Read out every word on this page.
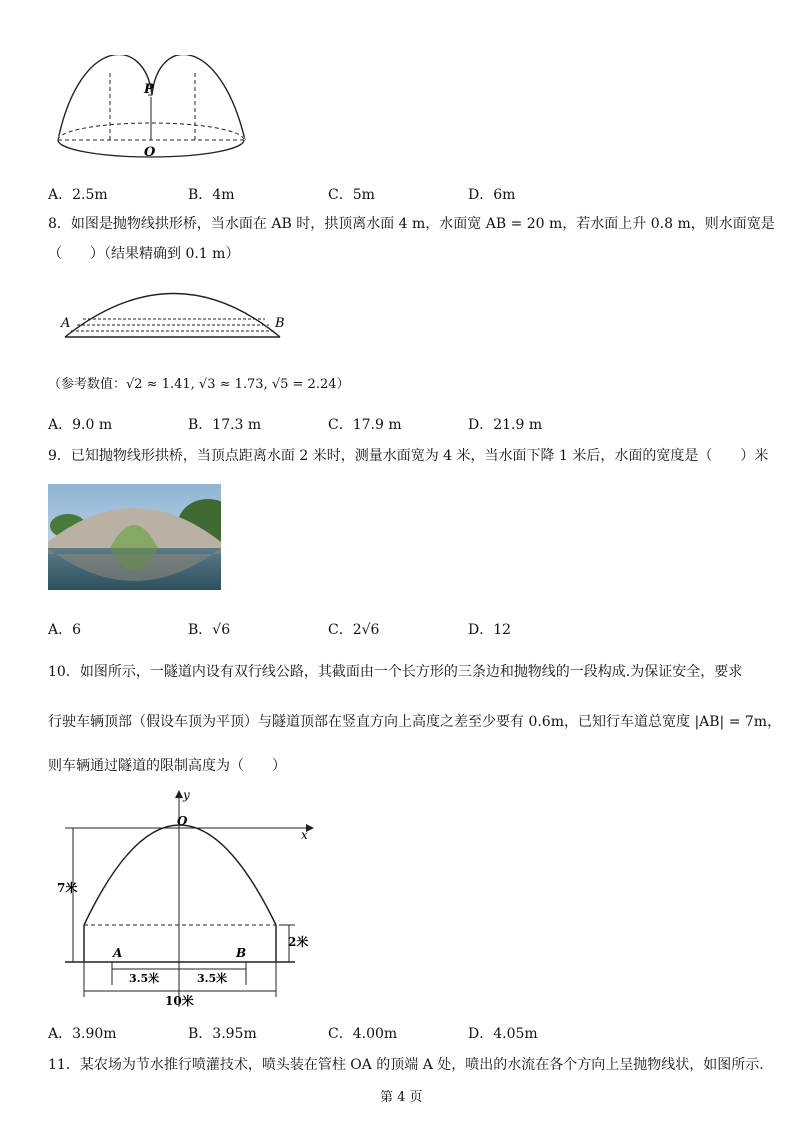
P
O
A．2.5m	B．4m	C．5m	D．6m
8．如图是抛物线拱形桥，当水面在 AB 时，拱顶离水面 4 m，水面宽 AB = 20 m，若水面上升 0.8 m，则水面宽是
（　　）（结果精确到 0.1 m）
A	B
（参考数值：√2 ≈ 1.41, √3 ≈ 1.73, √5 = 2.24）
A．9.0 m	B．17.3 m	C．17.9 m	D．21.9 m
9．已知抛物线形拱桥，当顶点距离水面 2 米时，测量水面宽为 4 米，当水面下降 1 米后，水面的宽度是（　　）米
A．6	B．√6	C．2√6	D．12
10．如图所示，一隧道内设有双行线公路，其截面由一个长方形的三条边和抛物线的一段构成.为保证安全，要求
行驶车辆顶部（假设车顶为平顶）与隧道顶部在竖直方向上高度之差至少要有 0.6m，已知行车道总宽度 |AB| = 7m，
则车辆通过隧道的限制高度为（　　）
y
x
O
7米
2米
A	B
3.5米	3.5米
10米
A．3.90m	B．3.95m	C．4.00m	D．4.05m
11．某农场为节水推行喷灌技术，喷头装在管柱 OA 的顶端 A 处，喷出的水流在各个方向上呈抛物线状，如图所示.
第 4 页
